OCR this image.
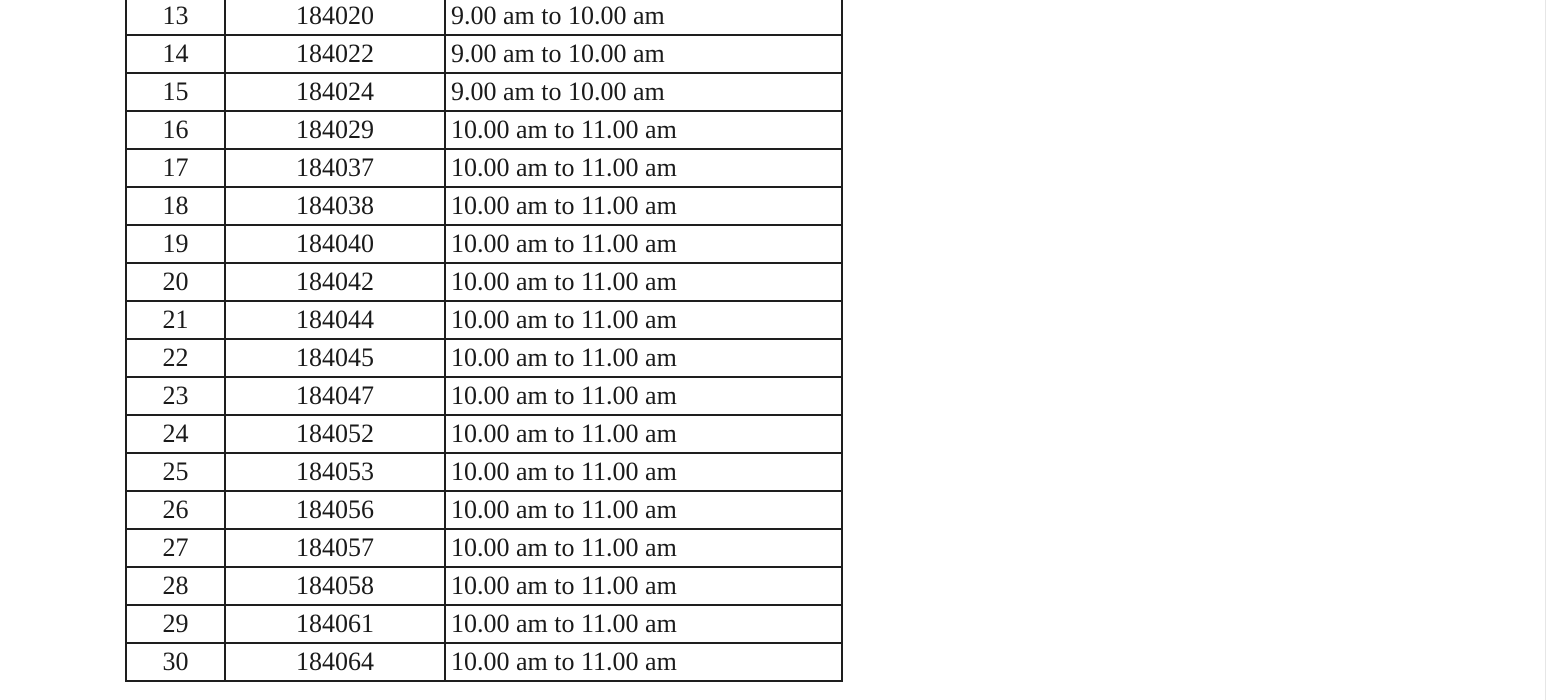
13	184020	9.00 am to 10.00 am
14	184022	9.00 am to 10.00 am
15	184024	9.00 am to 10.00 am
16	184029	10.00 am to 11.00 am
17	184037	10.00 am to 11.00 am
18	184038	10.00 am to 11.00 am
19	184040	10.00 am to 11.00 am
20	184042	10.00 am to 11.00 am
21	184044	10.00 am to 11.00 am
22	184045	10.00 am to 11.00 am
23	184047	10.00 am to 11.00 am
24	184052	10.00 am to 11.00 am
25	184053	10.00 am to 11.00 am
26	184056	10.00 am to 11.00 am
27	184057	10.00 am to 11.00 am
28	184058	10.00 am to 11.00 am
29	184061	10.00 am to 11.00 am
30	184064	10.00 am to 11.00 am
